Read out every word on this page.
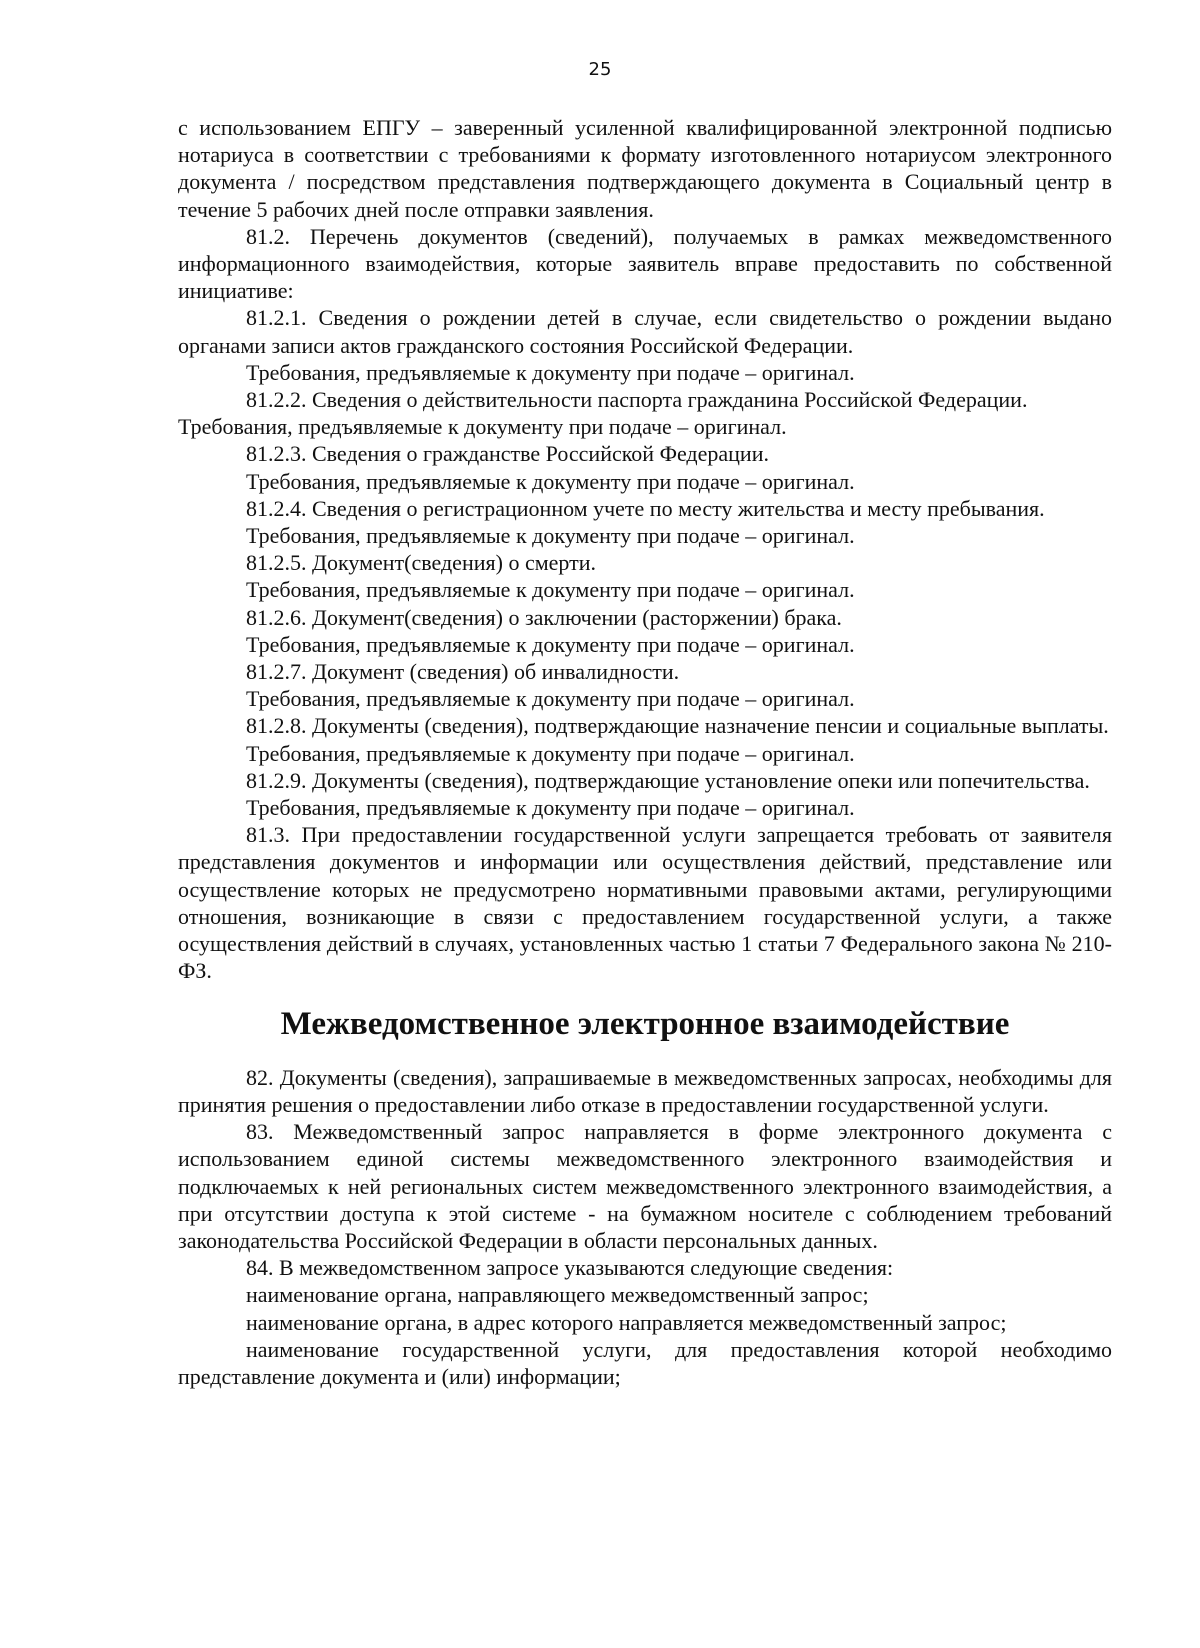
25

с использованием ЕПГУ – заверенный усиленной квалифицированной электронной подписью нотариуса в соответствии с требованиями к формату изготовленного нотариусом электронного документа / посредством представления подтверждающего документа в Социальный центр в течение 5 рабочих дней после отправки заявления.

81.2. Перечень документов (сведений), получаемых в рамках межведомственного информационного взаимодействия, которые заявитель вправе предоставить по собственной инициативе:

81.2.1. Сведения о рождении детей в случае, если свидетельство о рождении выдано органами записи актов гражданского состояния Российской Федерации.

Требования, предъявляемые к документу при подаче – оригинал.

81.2.2. Сведения о действительности паспорта гражданина Российской Федерации.

Требования, предъявляемые к документу при подаче – оригинал.

81.2.3. Сведения о гражданстве Российской Федерации.

Требования, предъявляемые к документу при подаче – оригинал.

81.2.4. Сведения о регистрационном учете по месту жительства и месту пребывания.

Требования, предъявляемые к документу при подаче – оригинал.

81.2.5. Документ(сведения) о смерти.

Требования, предъявляемые к документу при подаче – оригинал.

81.2.6. Документ(сведения) о заключении (расторжении) брака.

Требования, предъявляемые к документу при подаче – оригинал.

81.2.7. Документ (сведения) об инвалидности.

Требования, предъявляемые к документу при подаче – оригинал.

81.2.8. Документы (сведения), подтверждающие назначение пенсии и социальные выплаты.

Требования, предъявляемые к документу при подаче – оригинал.

81.2.9. Документы (сведения), подтверждающие установление опеки или попечительства.

Требования, предъявляемые к документу при подаче – оригинал.

81.3. При предоставлении государственной услуги запрещается требовать от заявителя представления документов и информации или осуществления действий, представление или осуществление которых не предусмотрено нормативными правовыми актами, регулирующими отношения, возникающие в связи с предоставлением государственной услуги, а также осуществления действий в случаях, установленных частью 1 статьи 7 Федерального закона № 210-ФЗ.

Межведомственное электронное взаимодействие

82. Документы (сведения), запрашиваемые в межведомственных запросах, необходимы для принятия решения о предоставлении либо отказе в предоставлении государственной услуги.

83. Межведомственный запрос направляется в форме электронного документа с использованием единой системы межведомственного электронного взаимодействия и подключаемых к ней региональных систем межведомственного электронного взаимодействия, а при отсутствии доступа к этой системе - на бумажном носителе с соблюдением требований законодательства Российской Федерации в области персональных данных.

84. В межведомственном запросе указываются следующие сведения:

наименование органа, направляющего межведомственный запрос;

наименование органа, в адрес которого направляется межведомственный запрос;

наименование государственной услуги, для предоставления которой необходимо представление документа и (или) информации;
